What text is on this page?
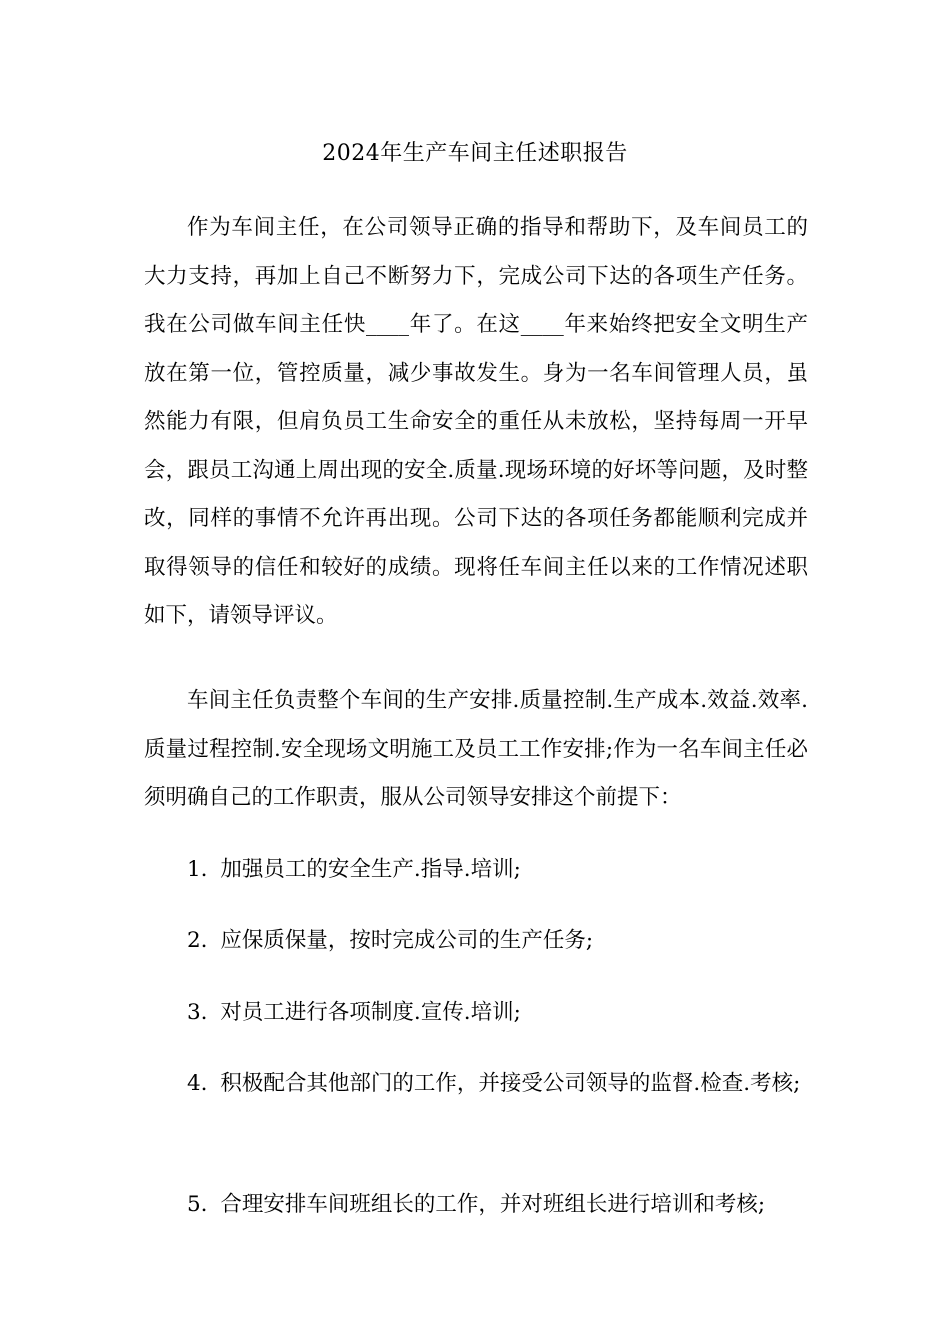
2024年生产车间主任述职报告

作为车间主任，在公司领导正确的指导和帮助下，及车间员工的大力支持，再加上自己不断努力下，完成公司下达的各项生产任务。我在公司做车间主任快____年了。在这____年来始终把安全文明生产放在第一位，管控质量，减少事故发生。身为一名车间管理人员，虽然能力有限，但肩负员工生命安全的重任从未放松，坚持每周一开早会，跟员工沟通上周出现的安全.质量.现场环境的好坏等问题，及时整改，同样的事情不允许再出现。公司下达的各项任务都能顺利完成并取得领导的信任和较好的成绩。现将任车间主任以来的工作情况述职如下，请领导评议。

车间主任负责整个车间的生产安排.质量控制.生产成本.效益.效率.质量过程控制.安全现场文明施工及员工工作安排;作为一名车间主任必须明确自己的工作职责，服从公司领导安排这个前提下：

1. 加强员工的安全生产.指导.培训;

2. 应保质保量，按时完成公司的生产任务;

3. 对员工进行各项制度.宣传.培训;

4. 积极配合其他部门的工作，并接受公司领导的监督.检查.考核;

5. 合理安排车间班组长的工作，并对班组长进行培训和考核;
